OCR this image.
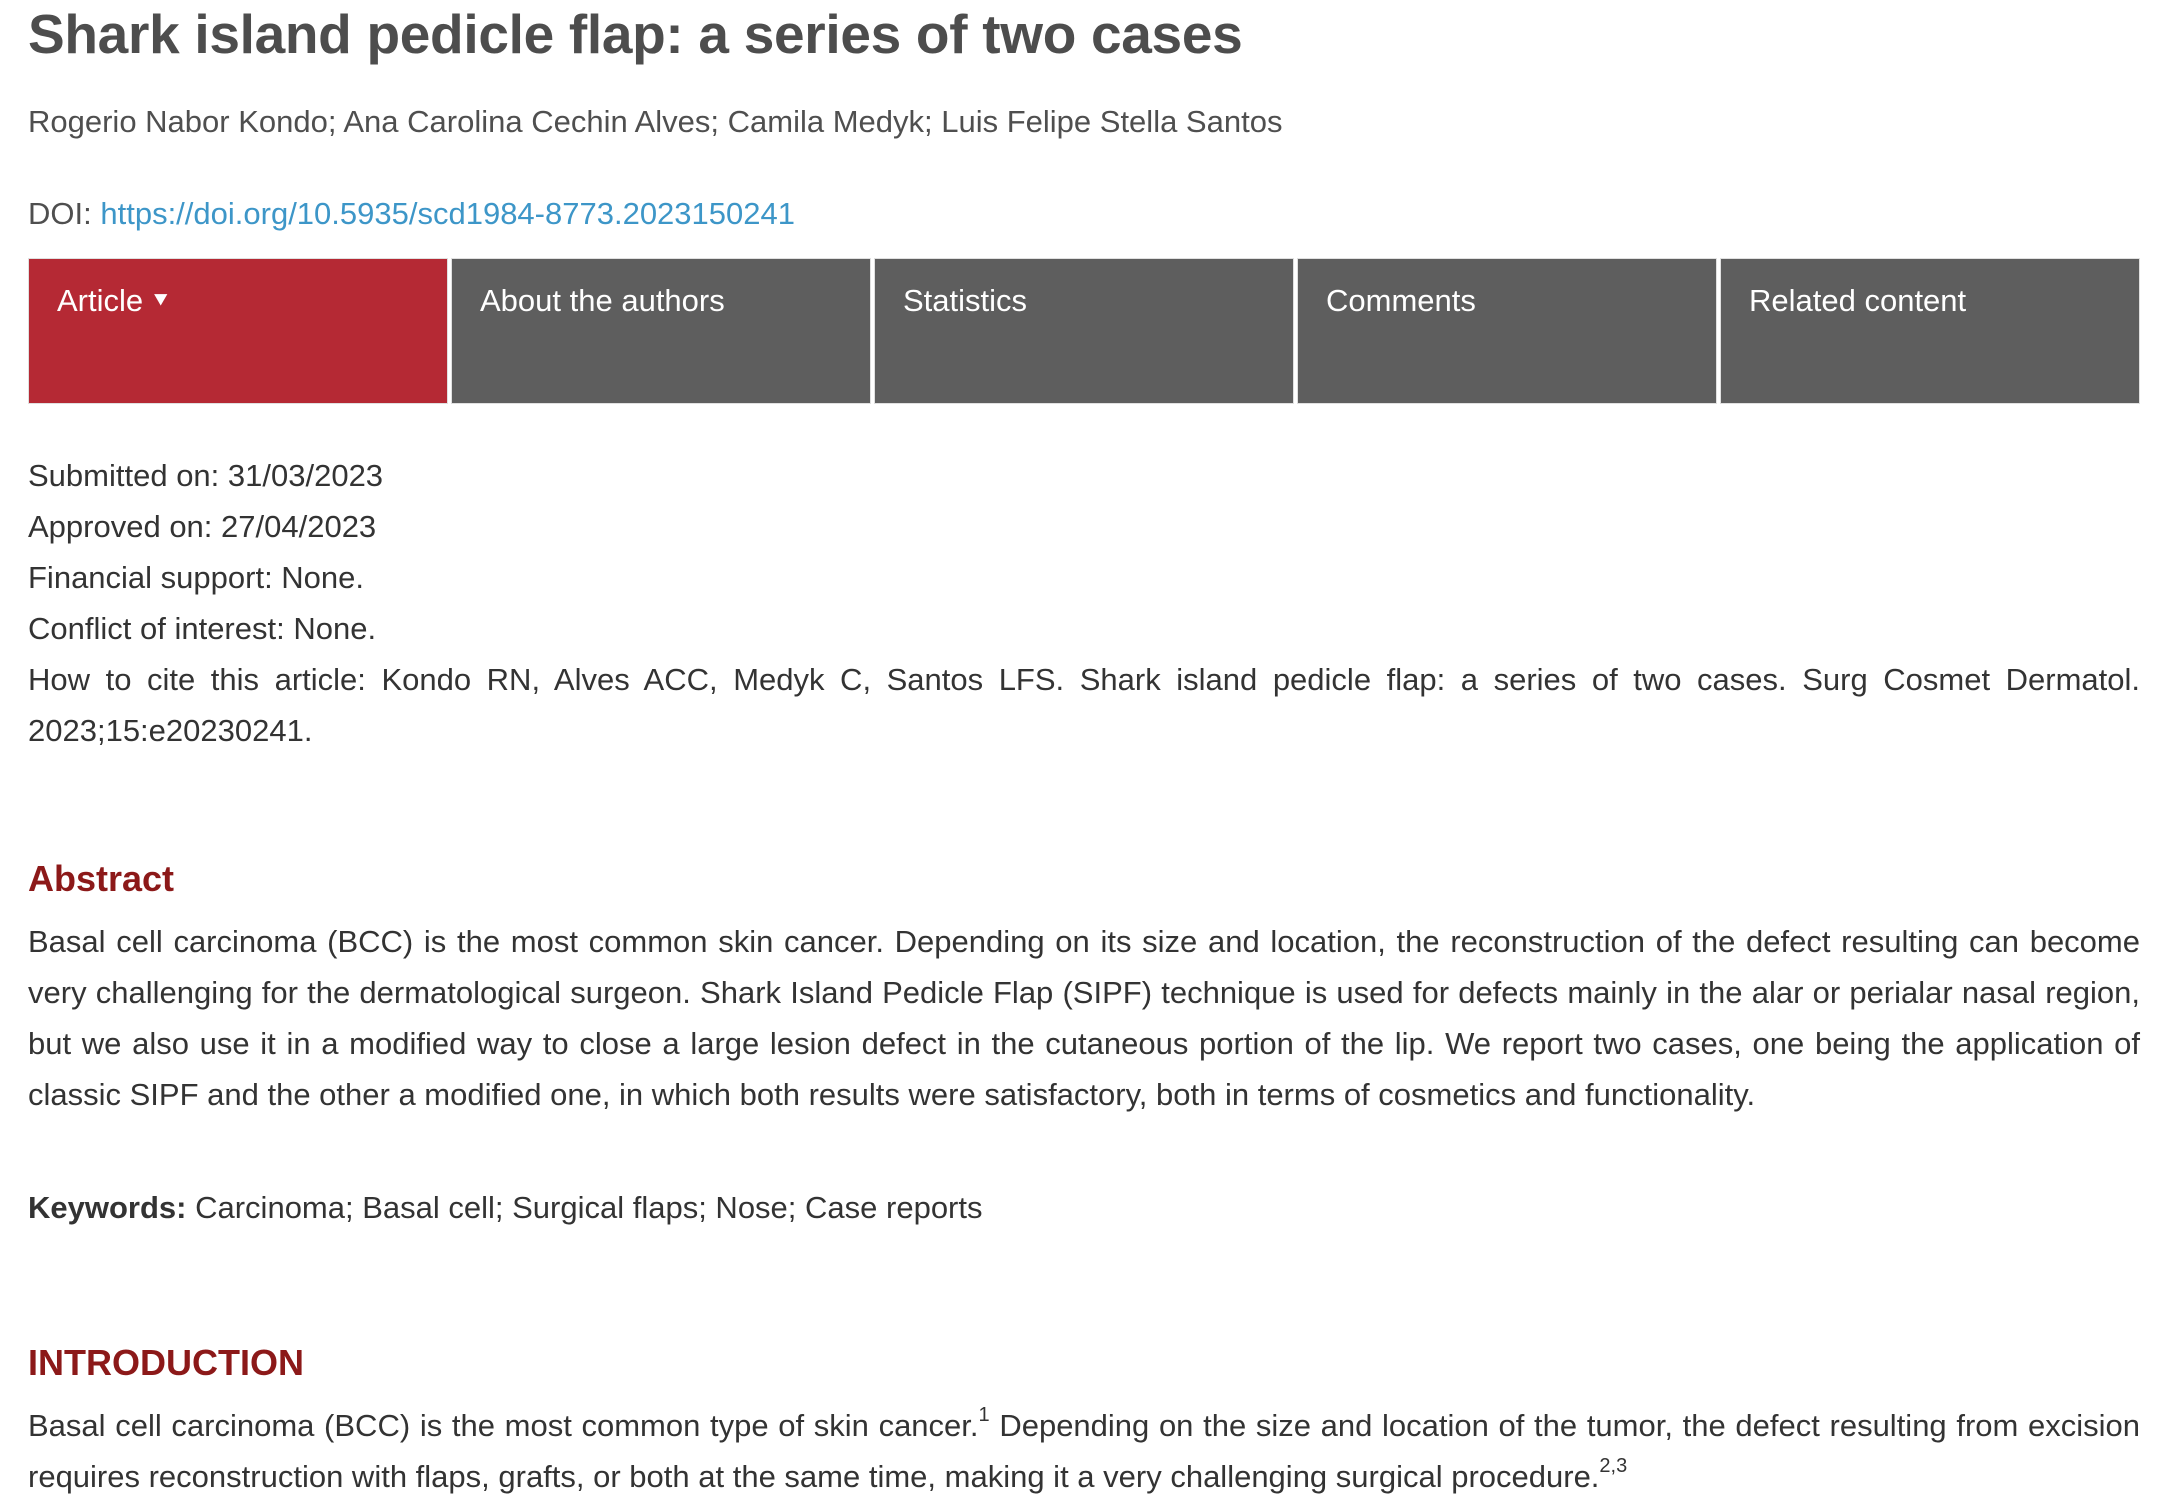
Shark island pedicle flap: a series of two cases
Rogerio Nabor Kondo; Ana Carolina Cechin Alves; Camila Medyk; Luis Felipe Stella Santos
DOI: https://doi.org/10.5935/scd1984-8773.2023150241
Article ⯆	About the authors	Statistics	Comments	Related content
Submitted on: 31/03/2023
Approved on: 27/04/2023
Financial support: None.
Conflict of interest: None.
How to cite this article: Kondo RN, Alves ACC, Medyk C, Santos LFS. Shark island pedicle flap: a series of two cases. Surg Cosmet Dermatol. 2023;15:e20230241.
Abstract

Basal cell carcinoma (BCC) is the most common skin cancer. Depending on its size and location, the reconstruction of the defect resulting can become very challenging for the dermatological surgeon. Shark Island Pedicle Flap (SIPF) technique is used for defects mainly in the alar or perialar nasal region, but we also use it in a modified way to close a large lesion defect in the cutaneous portion of the lip. We report two cases, one being the application of classic SIPF and the other a modified one, in which both results were satisfactory, both in terms of cosmetics and functionality.

Keywords: Carcinoma; Basal cell; Surgical flaps; Nose; Case reports
INTRODUCTION

Basal cell carcinoma (BCC) is the most common type of skin cancer.$^1$ Depending on the size and location of the tumor, the defect resulting from excision requires reconstruction with flaps, grafts, or both at the same time, making it a very challenging surgical procedure.$^{2,3}$
